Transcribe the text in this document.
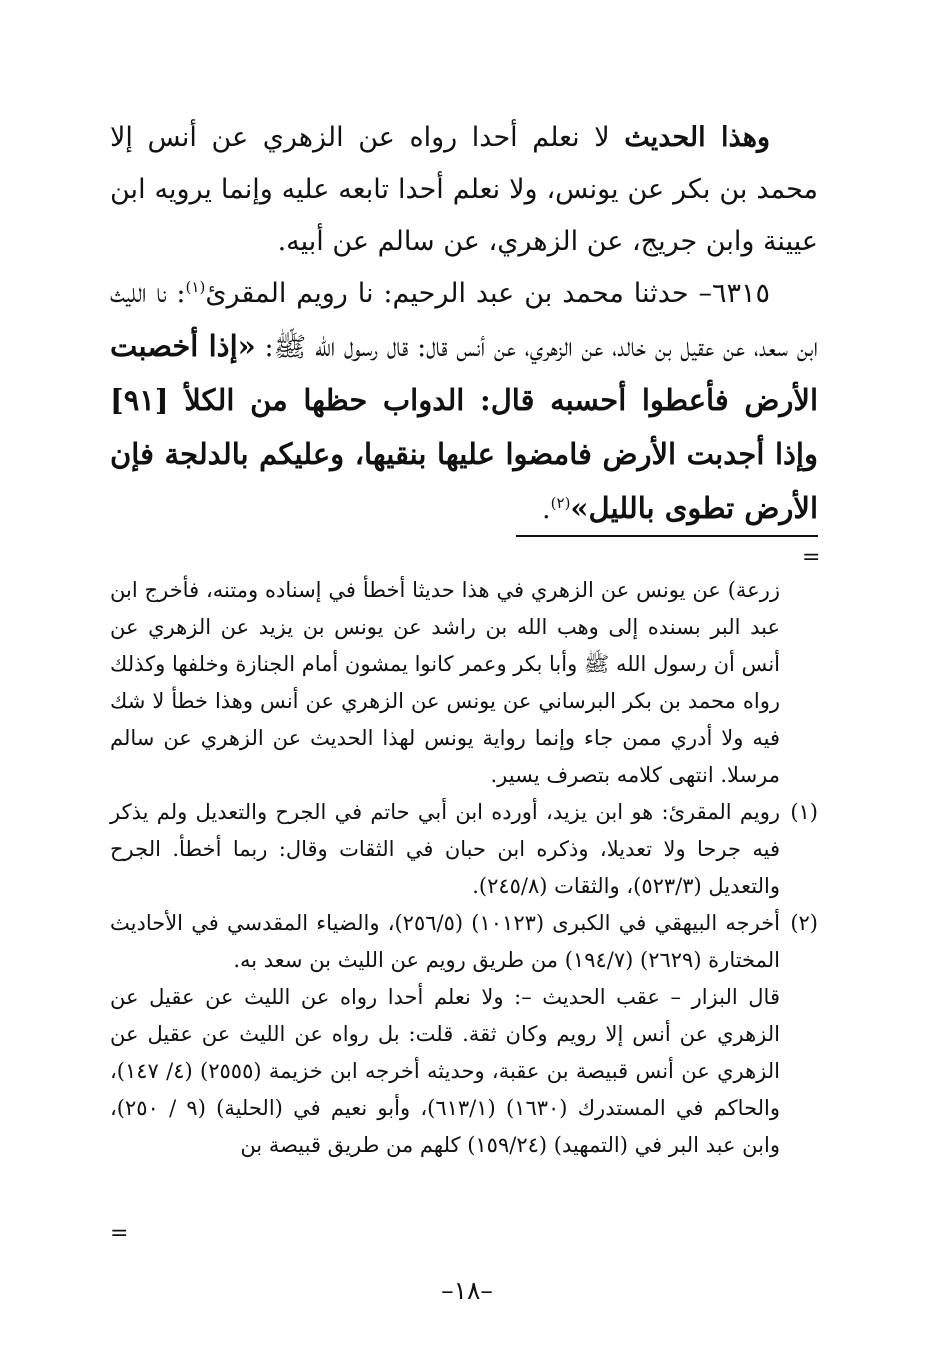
وهذا الحديث لا نعلم أحدا رواه عن الزهري عن أنس إلا محمد بن بكر عن يونس، ولا نعلم أحدا تابعه عليه وإنما يرويه ابن عيينة وابن جريج، عن الزهري، عن سالم عن أبيه.

٦٣١٥– حدثنا محمد بن عبد الرحيم: نا رويم المقرئ$^{(١)}$: نا الليث ابن سعد، عن عقيل بن خالد، عن الزهري، عن أنس قال: قال رسول الله ﷺ: «إذا أخصبت الأرض فأعطوا أحسبه قال: الدواب حظها من الكلأ [٩١] وإذا أجدبت الأرض فامضوا عليها بنقيها، وعليكم بالدلجة فإن الأرض تطوى بالليل»$^{(٢)}$.

=

زرعة) عن يونس عن الزهري في هذا حديثا أخطأ في إسناده ومتنه، فأخرج ابن عبد البر بسنده إلى وهب الله بن راشد عن يونس بن يزيد عن الزهري عن أنس أن رسول الله ﷺ وأبا بكر وعمر كانوا يمشون أمام الجنازة وخلفها وكذلك رواه محمد بن بكر البرساني عن يونس عن الزهري عن أنس وهذا خطأ لا شك فيه ولا أدري ممن جاء وإنما رواية يونس لهذا الحديث عن الزهري عن سالم مرسلا. انتهى كلامه بتصرف يسير.

(١)
رويم المقرئ: هو ابن يزيد، أورده ابن أبي حاتم في الجرح والتعديل ولم يذكر فيه جرحا ولا تعديلا، وذكره ابن حبان في الثقات وقال: ربما أخطأ. الجرح والتعديل (٥٢٣/٣)، والثقات (٢٤٥/٨).

(٢)
أخرجه البيهقي في الكبرى (١٠١٢٣) (٢٥٦/٥)، والضياء المقدسي في الأحاديث المختارة (٢٦٢٩) (١٩٤/٧) من طريق رويم عن الليث بن سعد به.

قال البزار – عقب الحديث –: ولا نعلم أحدا رواه عن الليث عن عقيل عن الزهري عن أنس إلا رويم وكان ثقة. قلت: بل رواه عن الليث عن عقيل عن الزهري عن أنس قبيصة بن عقبة، وحديثه أخرجه ابن خزيمة (٢٥٥٥) (٤/ ١٤٧)، والحاكم في المستدرك (١٦٣٠) (٦١٣/١)، وأبو نعيم في (الحلية) (٩ / ٢٥٠)، وابن عبد البر في (التمهيد) (١٥٩/٢٤) كلهم من طريق قبيصة بن

=
–١٨–
